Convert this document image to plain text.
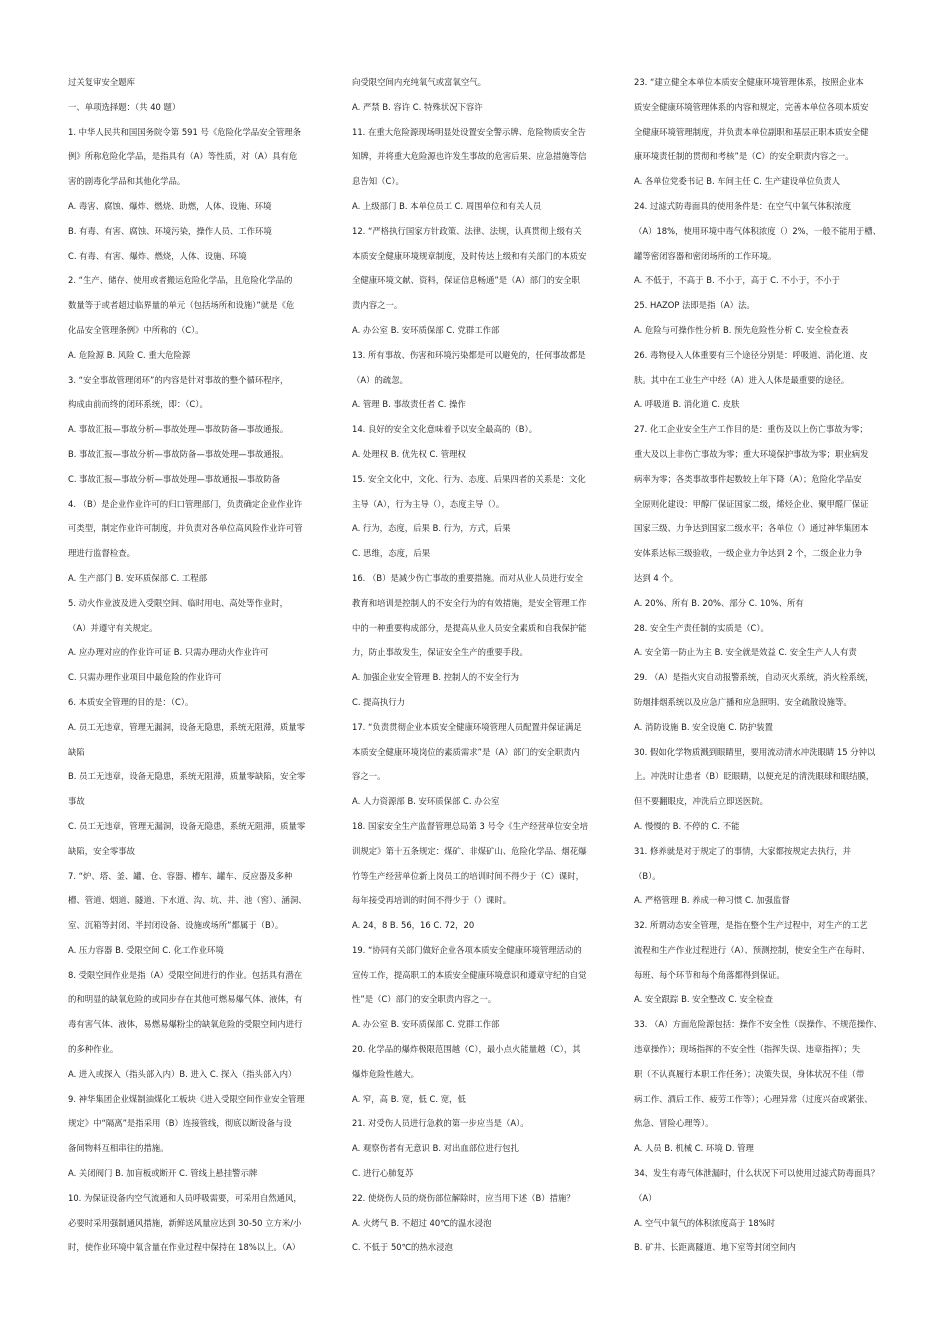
过关复审安全题库
一、单项选择题：（共 40 题）
1. 中华人民共和国国务院令第 591 号《危险化学品安全管理条
例》所称危险化学品，是指具有（A）等性质，对（A）具有危
害的剧毒化学品和其他化学品。
A. 毒害、腐蚀、爆炸、燃烧、助燃，人体、设施、环境
B. 有毒、有害、腐蚀、环境污染，操作人员、工作环境
C. 有毒、有害、爆炸、燃烧，人体、设施、环境
2. “生产、储存、使用或者搬运危险化学品，且危险化学品的
数量等于或者超过临界量的单元（包括场所和设施）”就是《危
化品安全管理条例》中所称的（C）。
A. 危险源 B. 风险 C. 重大危险源
3. “安全事故管理闭环”的内容是针对事故的整个循环程序，
构成由前而终的闭环系统，即：（C）。
A. 事故汇报—事故分析—事故处理—事故防备—事故通报。
B. 事故汇报—事故分析—事故防备—事故处理—事故通报。
C. 事故汇报—事故分析—事故处理—事故通报—事故防备
4. （B）是企业作业许可的归口管理部门，负责确定企业作业许
可类型，制定作业许可制度，并负责对各单位高风险作业许可管
理进行监督检查。
A. 生产部门 B. 安环质保部 C. 工程部
5. 动火作业波及进入受限空间、临时用电、高处等作业时，
（A）并遵守有关规定。
A. 应办理对应的作业许可证 B. 只需办理动火作业许可
C. 只需办理作业项目中最危险的作业许可
6. 本质安全管理的目的是：（C）。
A. 员工无违章，管理无漏洞，设备无隐患，系统无阻滞，质量零
缺陷
B. 员工无违章，设备无隐患，系统无阻滞，质量零缺陷，安全零
事故
C. 员工无违章，管理无漏洞，设备无隐患，系统无阻滞，质量零
缺陷，安全零事故
7. “炉、塔、釜、罐、仓、容器、槽车、罐车、反应器及多种
槽、管道、烟道、隧道、下水道、沟、坑、井、池（窖）、涵洞、
室、沉箱等封闭、半封闭设备、设施或场所”都属于（B）。
A. 压力容器 B. 受限空间 C. 化工作业环境
8. 受限空间作业是指（A）受限空间进行的作业。包括具有潜在
的和明显的缺氧危险的或同步存在其他可燃易爆气体、液体，有
毒有害气体、液体，易燃易爆粉尘的缺氧危险的受限空间内进行
的多种作业。
A. 进入或探入（指头部入内）B. 进入 C. 探入（指头部入内）
9. 神华集团企业煤制油煤化工板块《进入受限空间作业安全管理
规定》中“隔离”是指采用（B）连接管线，彻底以断设备与设
备间物料互相串往的措施。
A. 关闭阀门 B. 加盲板或断开 C. 管线上悬挂警示牌
10. 为保证设备内空气流通和人员呼吸需要，可采用自然通风，
必要时采用强制通风措施，新鲜送风量应达到 30-50 立方米/小
时，使作业环境中氧含量在作业过程中保持在 18%以上。（A）
向受限空间内充纯氧气或富氧空气。
A. 严禁 B. 容许 C. 特殊状况下容许
11. 在重大危险源现场明显处设置安全警示牌、危险物质安全告
知牌，并将重大危险源也许发生事故的危害后果、应急措施等信
息告知（C）。
A. 上级部门 B. 本单位员工 C. 周围单位和有关人员
12. “严格执行国家方针政策、法律、法规，认真贯彻上级有关
本质安全健康环境规章制度，及时传达上级和有关部门的本质安
全健康环境文献、资料，保证信息畅通”是（A）部门的安全职
责内容之一。
A. 办公室 B. 安环质保部 C. 党群工作部
13. 所有事故、伤害和环境污染都是可以避免的，任何事故都是
（A）的疏忽。
A. 管理 B. 事故责任者 C. 操作
14. 良好的安全文化意味着予以安全最高的（B）。
A. 处理权 B. 优先权 C. 管理权
15. 安全文化中，文化、行为、态度、后果四者的关系是：文化
主导（A），行为主导（），态度主导（）。
A. 行为，态度，后果 B. 行为，方式，后果
C. 思维，态度，后果
16. （B）是减少伤亡事故的重要措施。而对从业人员进行安全
教育和培训是控制人的不安全行为的有效措施，是安全管理工作
中的一种重要构成部分，是提高从业人员安全素质和自我保护能
力，防止事故发生，保证安全生产的重要手段。
A. 加强企业安全管理 B. 控制人的不安全行为
C. 提高执行力
17. “负责贯彻企业本质安全健康环境管理人员配置并保证满足
本质安全健康环境岗位的素质需求”是（A）部门的安全职责内
容之一。
A. 人力资源部 B. 安环质保部 C. 办公室
18. 国家安全生产监督管理总局第 3 号令《生产经营单位安全培
训规定》第十五条规定：煤矿、非煤矿山、危险化学品、烟花爆
竹等生产经营单位新上岗员工的培训时间不得少于（C）课时，
每年接受再培训的时间不得少于（）课时。
A. 24，8 B. 56，16 C. 72，20
19. “协同有关部门做好企业各项本质安全健康环境管理活动的
宣传工作，提高职工的本质安全健康环境意识和遵章守纪的自觉
性”是（C）部门的安全职责内容之一。
A. 办公室 B. 安环质保部 C. 党群工作部
20. 化学品的爆炸极限范围越（C），最小点火能量越（C），其
爆炸危险性越大。
A. 窄，高 B. 宽，低 C. 宽，低
21. 对受伤人员进行急救的第一步应当是（A）。
A. 观察伤者有无意识 B. 对出血部位进行包扎
C. 进行心肺复苏
22. 使烧伤人员的烧伤部位解除时，应当用下述（B）措施？
A. 火烤气 B. 不超过 40℃的温水浸泡
C. 不低于 50℃的热水浸泡
23. “建立健全本单位本质安全健康环境管理体系，按照企业本
质安全健康环境管理体系的内容和规定，完善本单位各项本质安
全健康环境管理制度，并负责本单位副职和基层正职本质安全健
康环境责任制的贯彻和考核”是（C）的安全职责内容之一。
A. 各单位党委书记 B. 车间主任 C. 生产建设单位负责人
24. 过滤式防毒面具的使用条件是：在空气中氧气体积浓度
（A）18%，使用环境中毒气体积浓度（）2%，一般不能用于槽、
罐等密闭容器和密闭场所的工作环境。
A. 不低于，不高于 B. 不小于，高于 C. 不小于，不小于
25. HAZOP 法即是指（A）法。
A. 危险与可操作性分析 B. 预先危险性分析 C. 安全检查表
26. 毒物侵入人体重要有三个途径分别是：呼吸道、消化道、皮
肤。其中在工业生产中经（A）进入人体是最重要的途径。
A. 呼吸道 B. 消化道 C. 皮肤
27. 化工企业安全生产工作目的是：重伤及以上伤亡事故为零；
重大及以上非伤亡事故为零；重大环境保护事故为零；职业病发
病率为零；各类事故事件起数较上年下降（A）；危险化学品安
全原则化建设：甲醇厂保证国家二级，烯烃企业、聚甲醛厂保证
国家三级、力争达到国家二级水平；各单位（）通过神华集团本
安体系达标三级验收，一级企业力争达到 2 个，二级企业力争
达到 4 个。
A. 20%、所有 B. 20%、部分 C. 10%、所有
28. 安全生产责任制的实质是（C）。
A. 安全第一防止为主 B. 安全就是效益 C. 安全生产人人有责
29. （A）是指火灾自动报警系统，自动灭火系统，消火栓系统，
防烟排烟系统以及应急广播和应急照明、安全疏散设施等。
A. 消防设施 B. 安全设施 C. 防护装置
30. 假如化学物质溅到眼睛里，要用流动清水冲洗眼睛 15 分钟以
上。冲洗时让患者（B）眨眼睛，以便充足的清洗眼球和眼结膜，
但不要翻眼皮，冲洗后立即送医院。
A. 慢慢的 B. 不停的 C. 不能
31. 修养就是对于规定了的事情，大家都按规定去执行，并
（B）。
A. 严格管理 B. 养成一种习惯 C. 加强监督
32. 所谓动态安全管理，是指在整个生产过程中，对生产的工艺
流程和生产作业过程进行（A）、预测控制，使安全生产在每时、
每班、每个环节和每个角落都得到保证。
A. 安全跟踪 B. 安全整改 C. 安全检查
33. （A）方面危险源包括：操作不安全性（误操作、不规范操作、
违章操作）；现场指挥的不安全性（指挥失误、违章指挥）；失
职（不认真履行本职工作任务）；决策失误，身体状况不佳（带
病工作、酒后工作、疲劳工作等）；心理异常（过度兴奋或紧张、
焦急、冒险心理等）。
A. 人员 B. 机械 C. 环境 D. 管理
34、发生有毒气体泄漏时，什么状况下可以使用过滤式防毒面具？
（A）
A. 空气中氧气的体积浓度高于 18%时
B. 矿井、长距离隧道、地下室等封闭空间内
